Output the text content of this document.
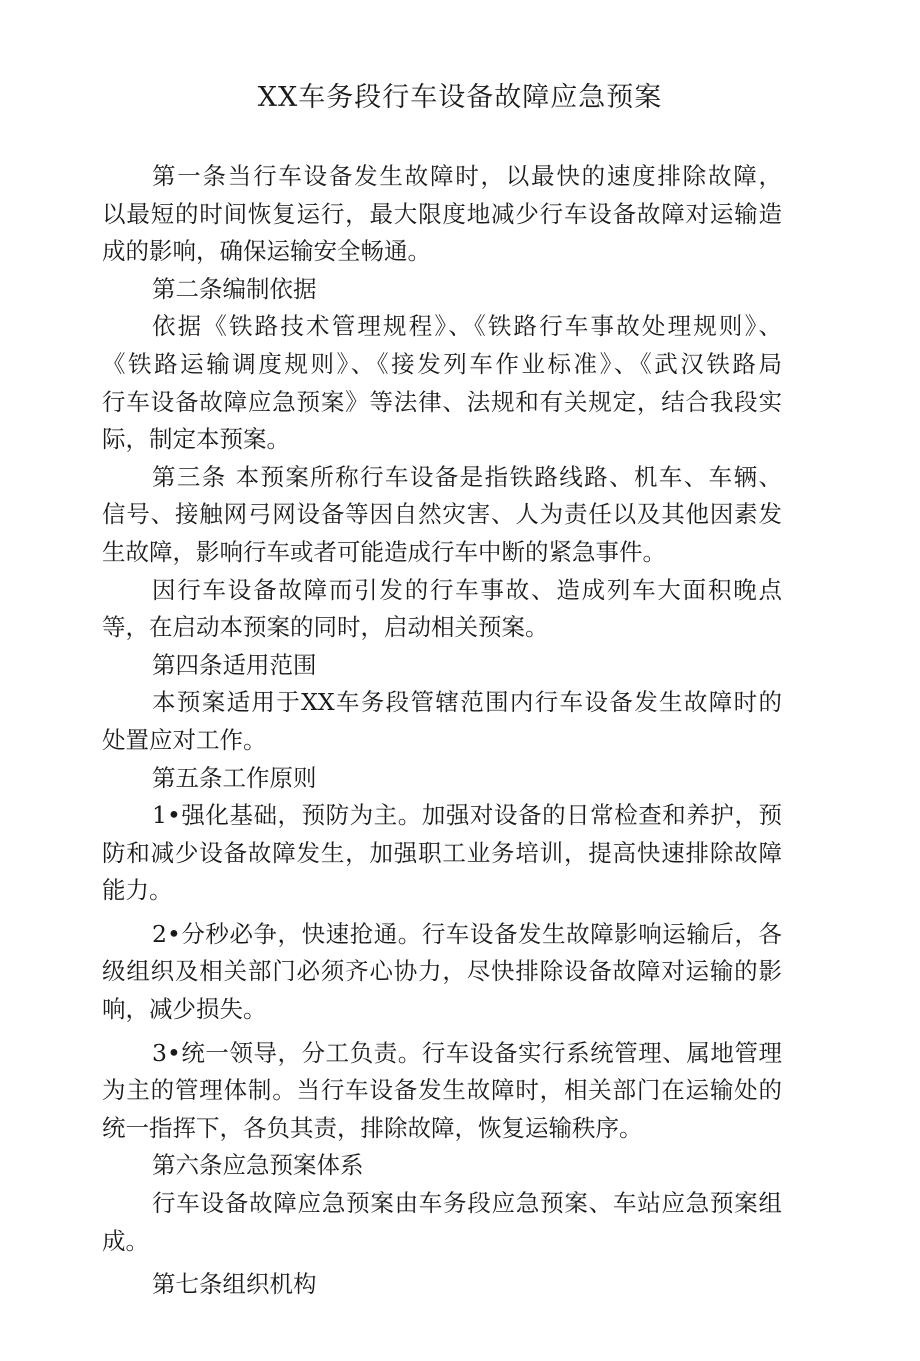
XX车务段行车设备故障应急预案
第一条当行车设备发生故障时，以最快的速度排除故障，
以最短的时间恢复运行，最大限度地减少行车设备故障对运输造
成的影响，确保运输安全畅通。
第二条编制依据
依据《铁路技术管理规程》、《铁路行车事故处理规则》、
《铁路运输调度规则》、《接发列车作业标准》、《武汉铁路局
行车设备故障应急预案》等法律、法规和有关规定，结合我段实
际，制定本预案。
第三条 本预案所称行车设备是指铁路线路、机车、车辆、
信号、接触网弓网设备等因自然灾害、人为责任以及其他因素发
生故障，影响行车或者可能造成行车中断的紧急事件。
因行车设备故障而引发的行车事故、造成列车大面积晚点
等，在启动本预案的同时，启动相关预案。
第四条适用范围
本预案适用于XX车务段管辖范围内行车设备发生故障时的
处置应对工作。
第五条工作原则
1•强化基础，预防为主。加强对设备的日常检查和养护，预
防和减少设备故障发生，加强职工业务培训，提高快速排除故障
能力。
2•分秒必争，快速抢通。行车设备发生故障影响运输后，各
级组织及相关部门必须齐心协力，尽快排除设备故障对运输的影
响，减少损失。
3•统一领导，分工负责。行车设备实行系统管理、属地管理
为主的管理体制。当行车设备发生故障时，相关部门在运输处的
统一指挥下，各负其责，排除故障，恢复运输秩序。
第六条应急预案体系
行车设备故障应急预案由车务段应急预案、车站应急预案组
成。
第七条组织机构
